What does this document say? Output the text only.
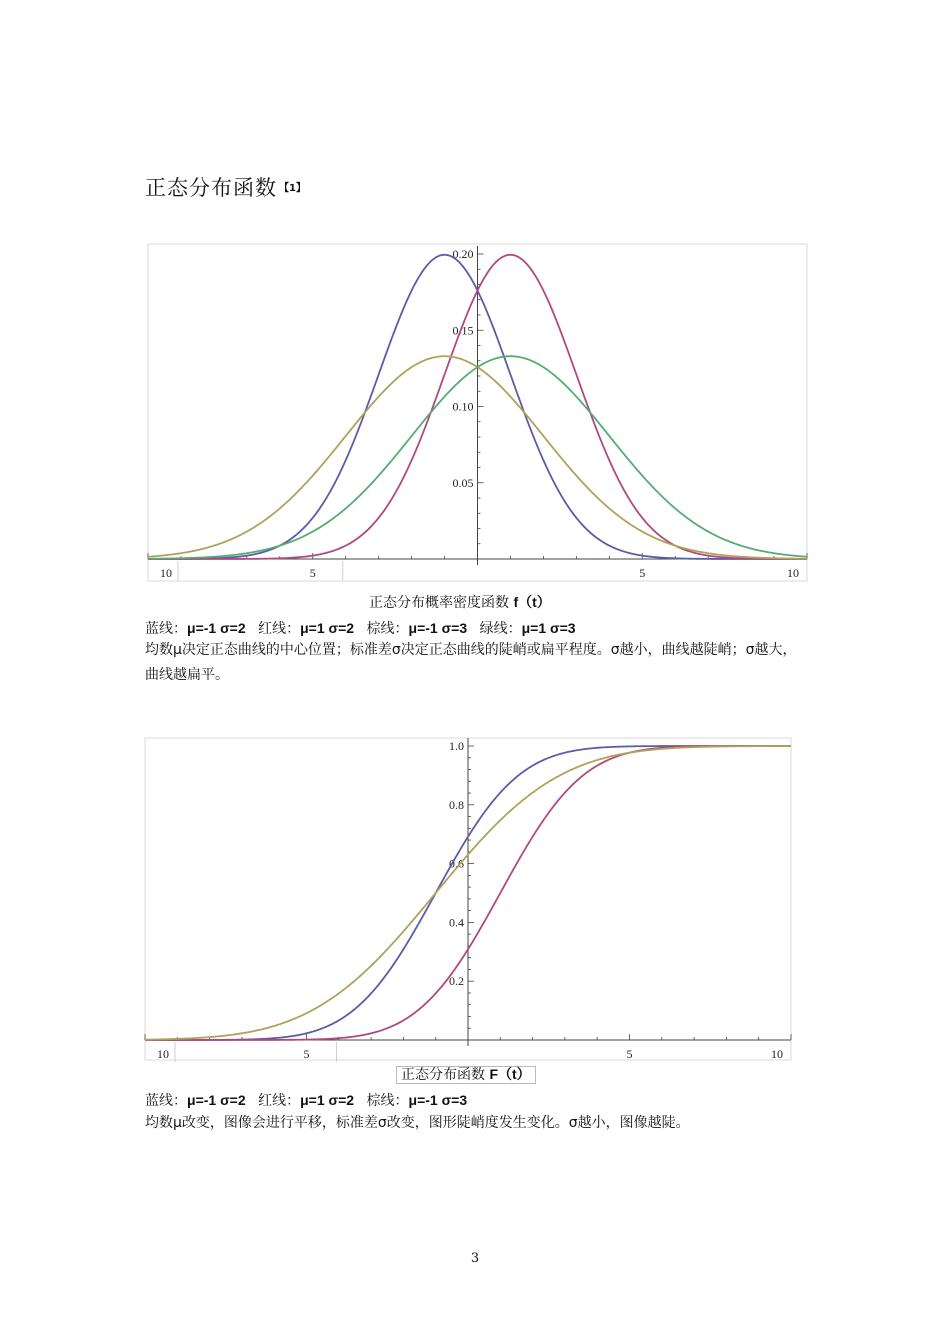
正态分布函数 $^{【1】}$
0.05
0.10
0.15
0.20
10	5	5	10
正态分布概率密度函数 f（t）
蓝线：μ=-1 σ=2 红线：μ=1 σ=2 棕线：μ=-1 σ=3 绿线：μ=1 σ=3
均数μ决定正态曲线的中心位置；标准差σ决定正态曲线的陡峭或扁平程度。σ越小，曲线越陡峭；σ越大，曲线越扁平。
0.2
0.4
0.6
0.8
1.0
10	5	5	10
正态分布函数 F（t）
蓝线：μ=-1 σ=2 红线：μ=1 σ=2 棕线：μ=-1 σ=3
均数μ改变，图像会进行平移，标准差σ改变，图形陡峭度发生变化。σ越小，图像越陡。
3
